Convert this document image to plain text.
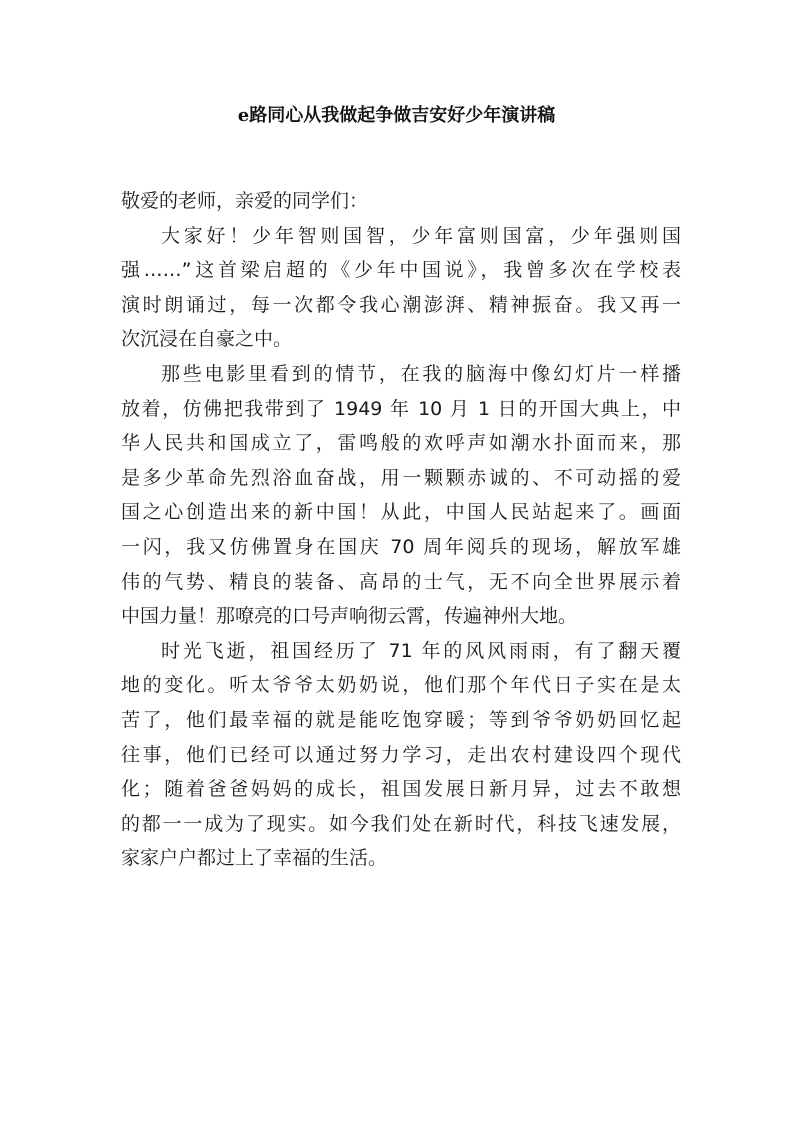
e路同心从我做起争做吉安好少年演讲稿
敬爱的老师，亲爱的同学们：
大家好！少年智则国智，少年富则国富，少年强则国
强……”这首梁启超的《少年中国说》，我曾多次在学校表
演时朗诵过，每一次都令我心潮澎湃、精神振奋。我又再一
次沉浸在自豪之中。
那些电影里看到的情节，在我的脑海中像幻灯片一样播
放着，仿佛把我带到了 1949 年 10 月 1 日的开国大典上，中
华人民共和国成立了，雷鸣般的欢呼声如潮水扑面而来，那
是多少革命先烈浴血奋战，用一颗颗赤诚的、不可动摇的爱
国之心创造出来的新中国！从此，中国人民站起来了。画面
一闪，我又仿佛置身在国庆 70 周年阅兵的现场，解放军雄
伟的气势、精良的装备、高昂的士气，无不向全世界展示着
中国力量！那嘹亮的口号声响彻云霄，传遍神州大地。
时光飞逝，祖国经历了 71 年的风风雨雨，有了翻天覆
地的变化。听太爷爷太奶奶说，他们那个年代日子实在是太
苦了，他们最幸福的就是能吃饱穿暖；等到爷爷奶奶回忆起
往事，他们已经可以通过努力学习，走出农村建设四个现代
化；随着爸爸妈妈的成长，祖国发展日新月异，过去不敢想
的都一一成为了现实。如今我们处在新时代，科技飞速发展，
家家户户都过上了幸福的生活。
